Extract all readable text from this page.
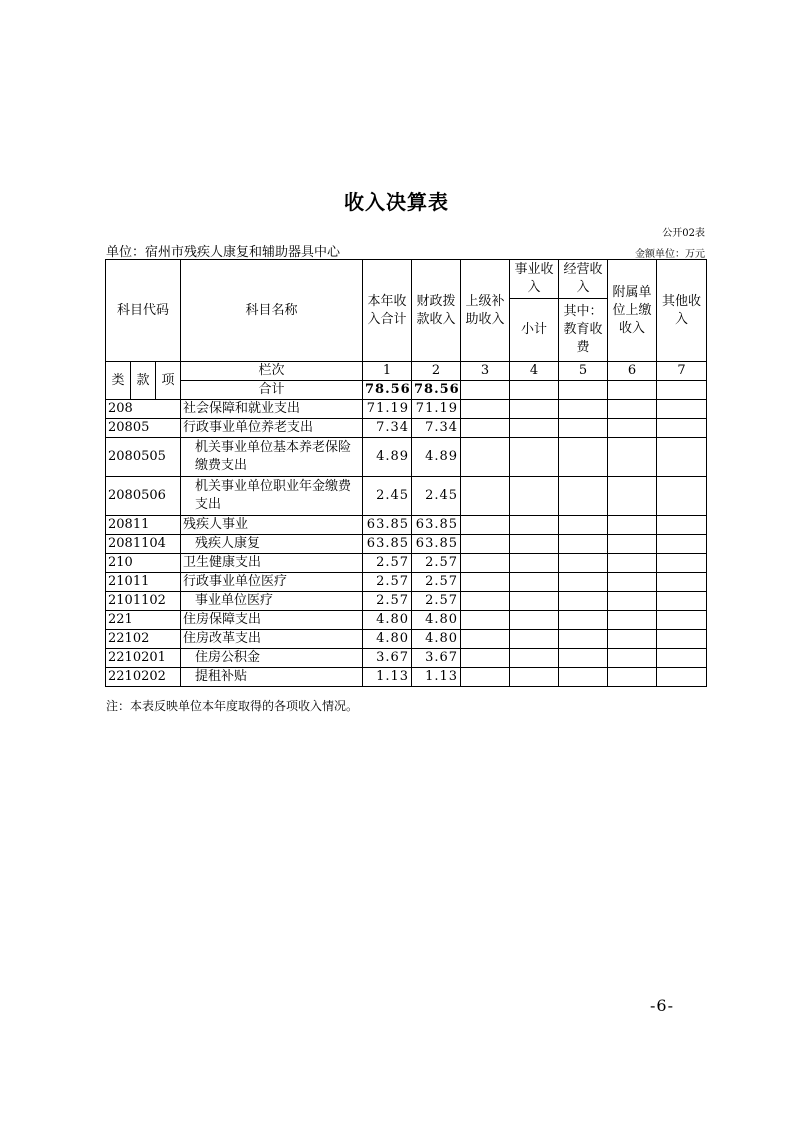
收入决算表
公开02表
单位：宿州市残疾人康复和辅助器具中心	金额单位：万元
科目代码			科目名称	本年收入合计	财政拨款收入	上级补助收入	事业收入	经营收入	附属单位上缴收入	其他收入
							小计	其中：教育收费		
类	款	项	栏次	1	2	3	4	5	6	7
			合计	78.56	78.56					
208			社会保障和就业支出	71.19	71.19					
20805			行政事业单位养老支出	7.34	7.34					
2080505			机关事业单位基本养老保险缴费支出	4.89	4.89					
2080506			机关事业单位职业年金缴费支出	2.45	2.45					
20811			残疾人事业	63.85	63.85					
2081104			残疾人康复	63.85	63.85					
210			卫生健康支出	2.57	2.57					
21011			行政事业单位医疗	2.57	2.57					
2101102			事业单位医疗	2.57	2.57					
221			住房保障支出	4.80	4.80					
22102			住房改革支出	4.80	4.80					
2210201			住房公积金	3.67	3.67					
2210202			提租补贴	1.13	1.13					
注：本表反映单位本年度取得的各项收入情况。
-6-
